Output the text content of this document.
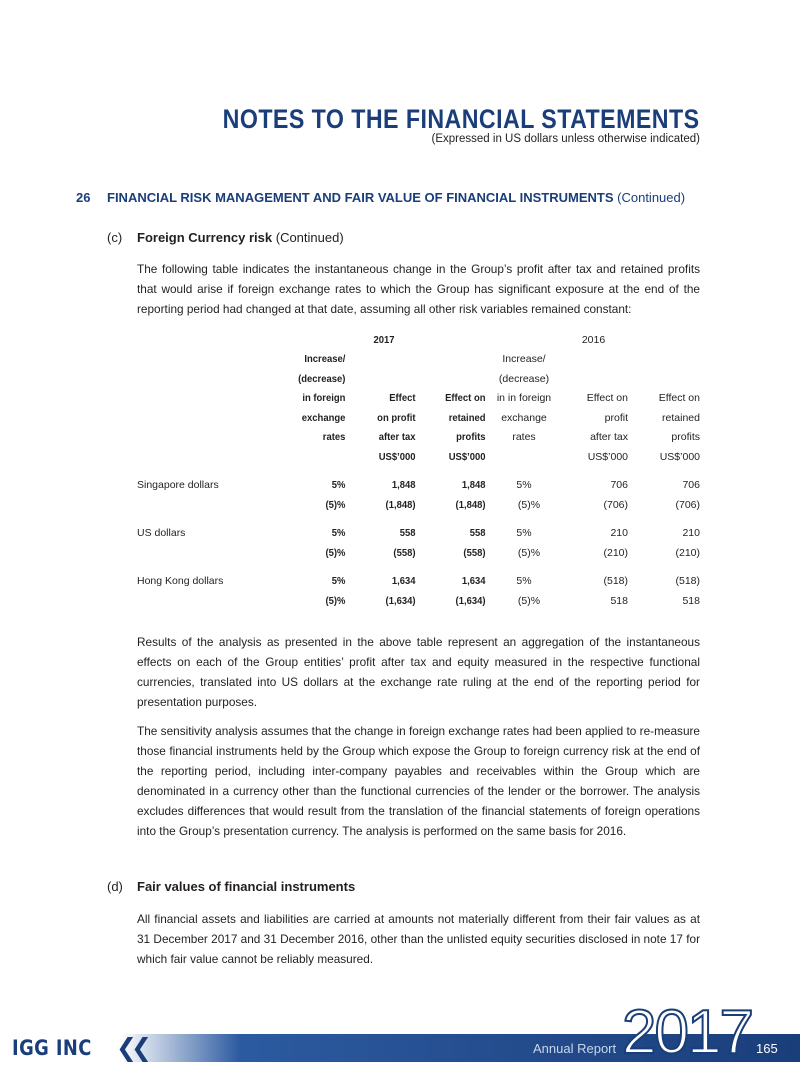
NOTES TO THE FINANCIAL STATEMENTS
(Expressed in US dollars unless otherwise indicated)
26 FINANCIAL RISK MANAGEMENT AND FAIR VALUE OF FINANCIAL INSTRUMENTS (Continued)
(c) Foreign Currency risk (Continued)
The following table indicates the instantaneous change in the Group’s profit after tax and retained profits that would arise if foreign exchange rates to which the Group has significant exposure at the end of the reporting period had changed at that date, assuming all other risk variables remained constant:
		2017			2016	
	Increase/			Increase/		
	(decrease)			(decrease)		
	in foreign	Effect	Effect on	in in foreign	Effect on	Effect on
	exchange	on profit	retained	exchange	profit	retained
	rates	after tax	profits	rates	after tax	profits
		US$’000	US$’000		US$’000	US$’000

Singapore dollars	5%	1,848	1,848	5%	706	706
	(5)%	(1,848)	(1,848)	(5)%	(706)	(706)

US dollars	5%	558	558	5%	210	210
	(5)%	(558)	(558)	(5)%	(210)	(210)

Hong Kong dollars	5%	1,634	1,634	5%	(518)	(518)
	(5)%	(1,634)	(1,634)	(5)%	518	518
Results of the analysis as presented in the above table represent an aggregation of the instantaneous effects on each of the Group entities’ profit after tax and equity measured in the respective functional currencies, translated into US dollars at the exchange rate ruling at the end of the reporting period for presentation purposes.
The sensitivity analysis assumes that the change in foreign exchange rates had been applied to re-measure those financial instruments held by the Group which expose the Group to foreign currency risk at the end of the reporting period, including inter-company payables and receivables within the Group which are denominated in a currency other than the functional currencies of the lender or the borrower. The analysis excludes differences that would result from the translation of the financial statements of foreign operations into the Group’s presentation currency. The analysis is performed on the same basis for 2016.
(d) Fair values of financial instruments
All financial assets and liabilities are carried at amounts not materially different from their fair values as at 31 December 2017 and 31 December 2016, other than the unlisted equity securities disclosed in note 17 for which fair value cannot be reliably measured.
IGG INC ❮❮	Annual Report 2017 165
